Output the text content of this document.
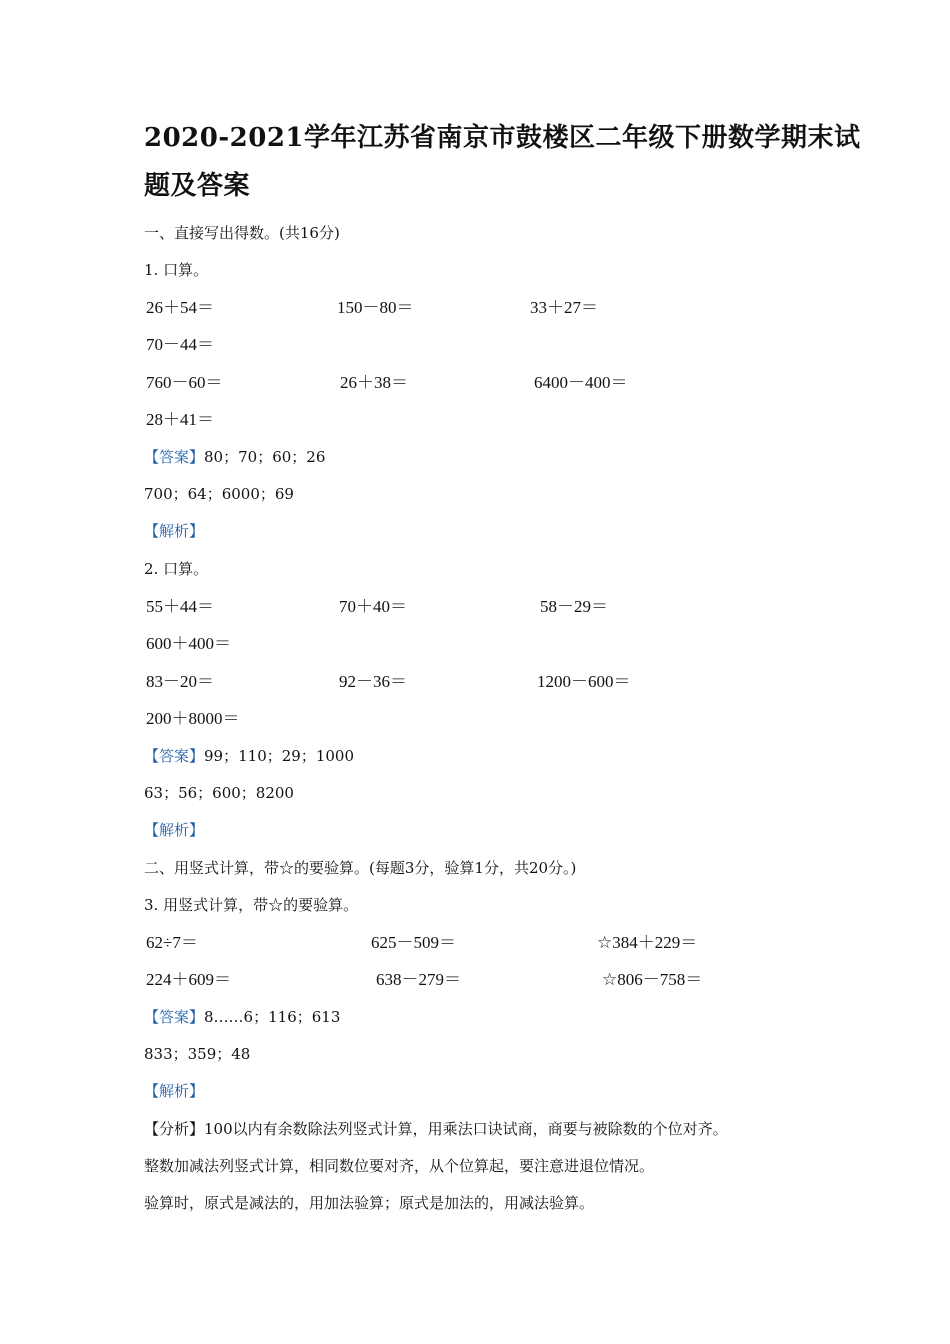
2020-2021学年江苏省南京市鼓楼区二年级下册数学期末试
题及答案
一、直接写出得数。(共16分)
1. 口算。
26＋54＝	150－80＝	33＋27＝
70－44＝
760－60＝	26＋38＝	6400－400＝
28＋41＝
【答案】80；70；60；26
700；64；6000；69
【解析】
2. 口算。
55＋44＝	70＋40＝	58－29＝
600＋400＝
83－20＝	92－36＝	1200－600＝
200＋8000＝
【答案】99；110；29；1000
63；56；600；8200
【解析】
二、用竖式计算，带☆的要验算。(每题3分，验算1分，共20分。)
3. 用竖式计算，带☆的要验算。
62÷7＝	625－509＝	☆384＋229＝
224＋609＝	638－279＝	☆806－758＝
【答案】8……6；116；613
833；359；48
【解析】
【分析】100以内有余数除法列竖式计算，用乘法口诀试商，商要与被除数的个位对齐。
整数加减法列竖式计算，相同数位要对齐，从个位算起，要注意进退位情况。
验算时，原式是减法的，用加法验算；原式是加法的，用减法验算。
